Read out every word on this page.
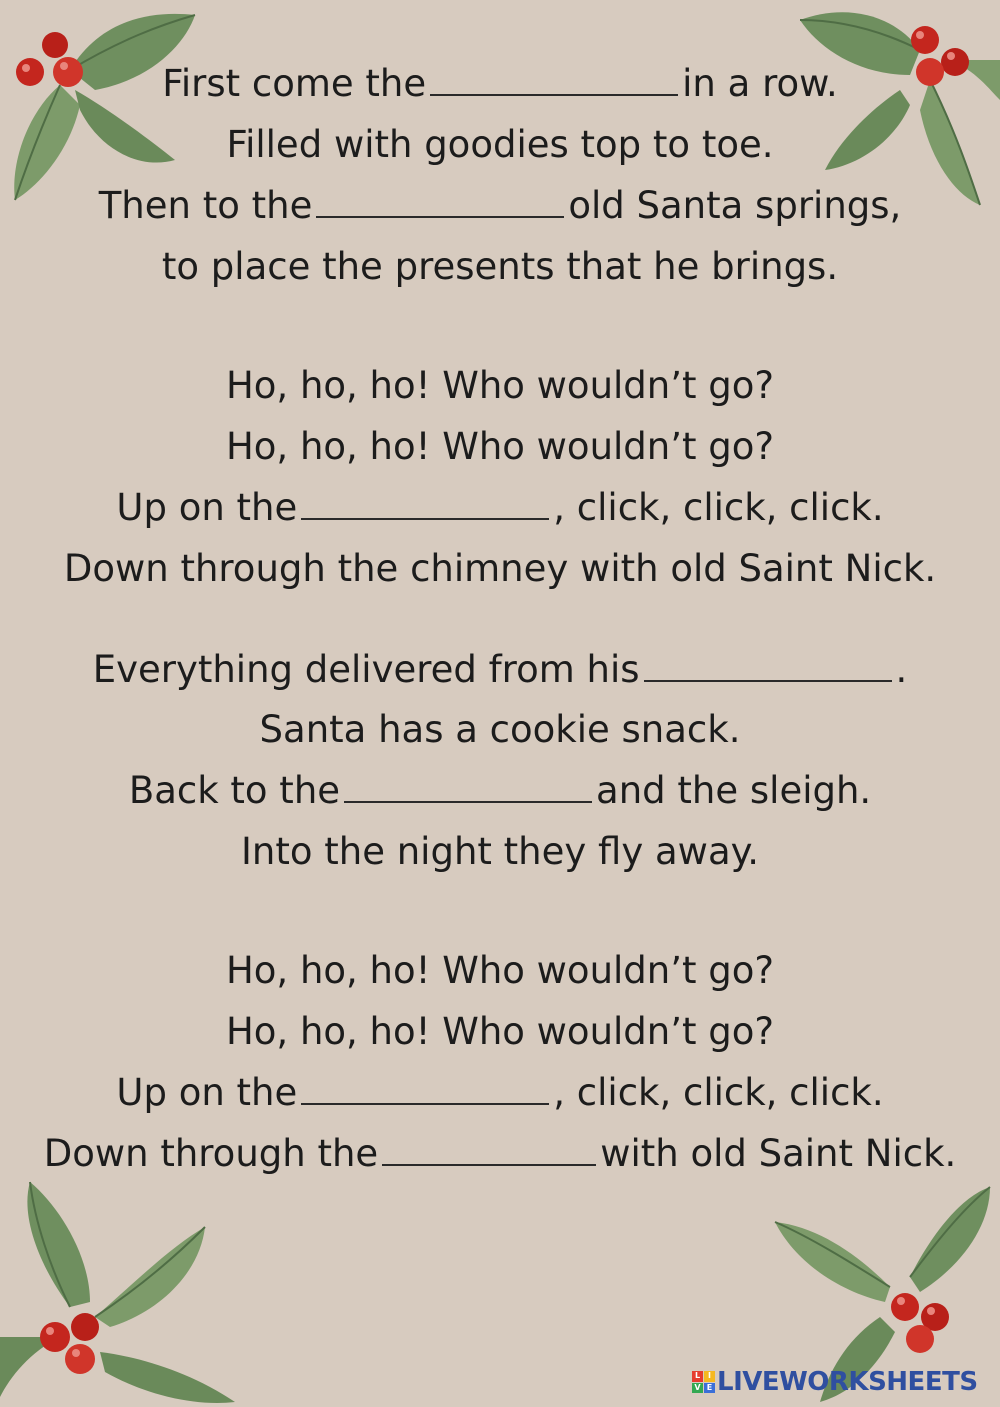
First come the	in a row.
Filled with goodies top to toe.
Then to the	old Santa springs,
to place the presents that he brings.
Ho, ho, ho! Who wouldn’t go?
Ho, ho, ho! Who wouldn’t go?
Up on the	, click, click, click.
Down through the chimney with old Saint Nick.
Everything delivered from his	.
Santa has a cookie snack.
Back to the	and the sleigh.
Into the night they fly away.
Ho, ho, ho! Who wouldn’t go?
Ho, ho, ho! Who wouldn’t go?
Up on the	, click, click, click.
Down through the	with old Saint Nick.
L I
V E LIVEWORKSHEETS
